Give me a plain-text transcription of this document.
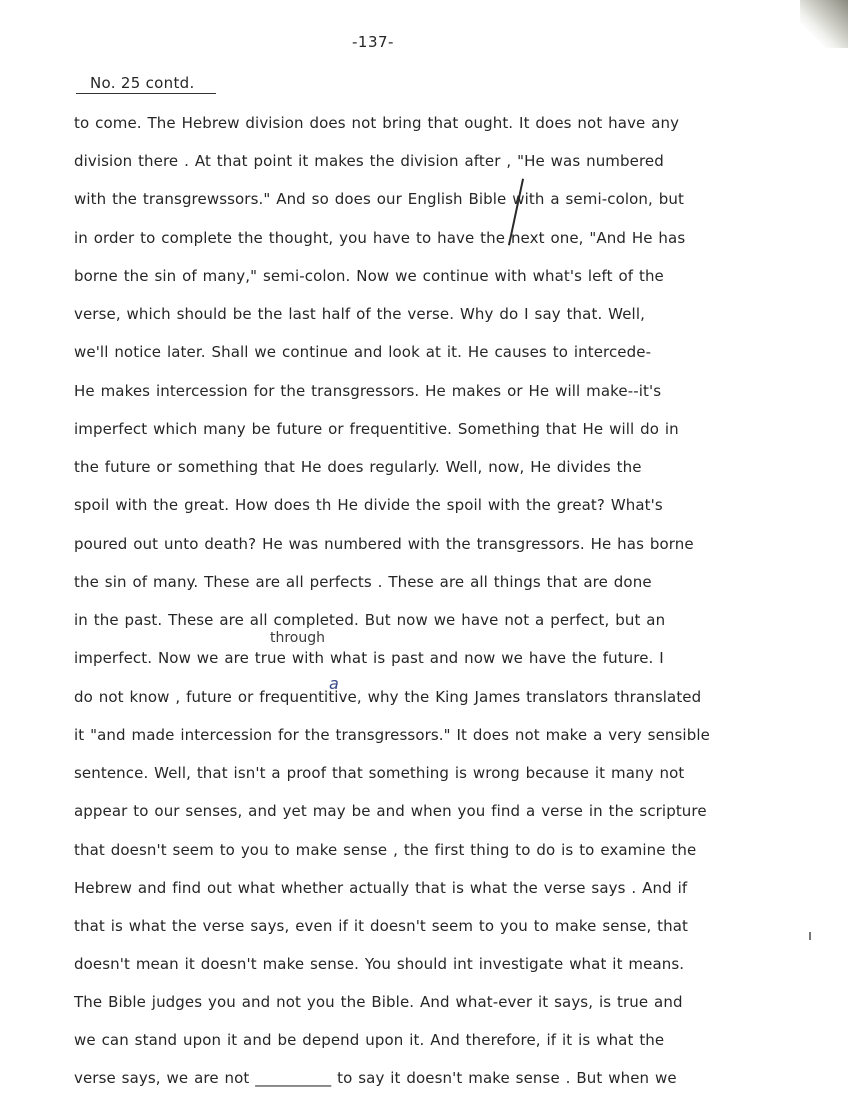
-137-
No. 25 contd.
through
a

to come. The Hebrew division does not bring that ought. It does not have any

division there . At that point it makes the division after , "He was numbered

with the transgrewssors." And so does our English Bible with a semi-colon, but

in order to complete the thought, you have to have the next one, "And He has

borne the sin of many," semi-colon. Now we continue with what's left of the

verse, which should be the last half of the verse. Why do I say that. Well,

we'll notice later. Shall we continue and look at it. He causes to intercede-

He makes intercession for the transgressors. He makes or He will make--it's

imperfect which many be future or frequentitive. Something that He will do in

the future or something that He does regularly. Well, now, He divides the

spoil with the great. How does th He divide the spoil with the great? What's

poured out unto death? He was numbered with the transgressors. He has borne

the sin of many. These are all perfects . These are all things that are done

in the past. These are all completed. But now we have not a perfect, but an

imperfect. Now we are true with what is past and now we have the future. I

do not know , future or frequentitive, why the King James translators thranslated

it "and made intercession for the transgressors." It does not make a very sensible

sentence. Well, that isn't a proof that something is wrong because it many not

appear to our senses, and yet may be and when you find a verse in the scripture

that doesn't seem to you to make sense , the first thing to do is to examine the

Hebrew and find out what whether actually that is what the verse says . And if

that is what the verse says, even if it doesn't seem to you to make sense, that

doesn't mean it doesn't make sense. You should int investigate what it means.

The Bible judges you and not you the Bible. And what-ever it says, is true and

we can stand upon it and be depend upon it. And therefore, if it is what the

verse says, we are not __________ to say it doesn't make sense . But when we
